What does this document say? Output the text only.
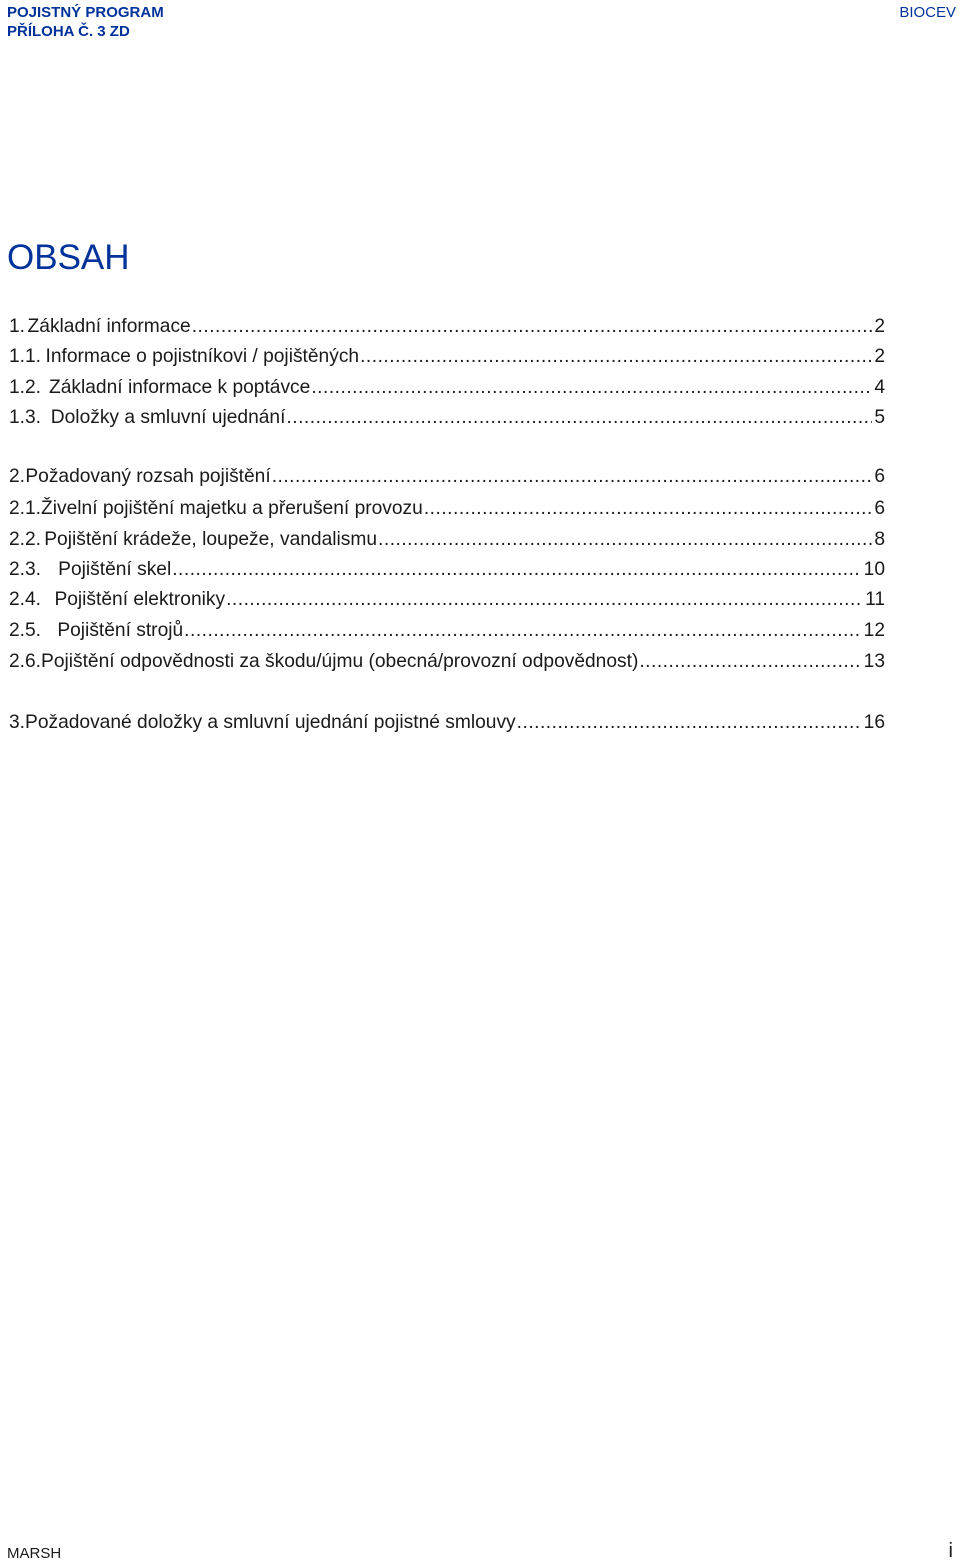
POJISTNÝ PROGRAM
PŘÍLOHA Č. 3 ZD
BIOCEV
OBSAH
1. Základní informace .....	2
1.1. Informace o pojistníkovi / pojištěných .....	2
1.2. Základní informace k poptávce .....	4
1.3. Doložky a smluvní ujednání .....	5
2. Požadovaný rozsah pojištění .....	6
2.1. Živelní pojištění majetku a přerušení provozu .....	6
2.2. Pojištění krádeže, loupeže, vandalismu .....	8
2.3. Pojištění skel .....	10
2.4. Pojištění elektroniky .....	11
2.5. Pojištění strojů .....	12
2.6. Pojištění odpovědnosti za škodu/újmu (obecná/provozní odpovědnost) .....	13
3. Požadované doložky a smluvní ujednání pojistné smlouvy .....	16
MARSH	i
